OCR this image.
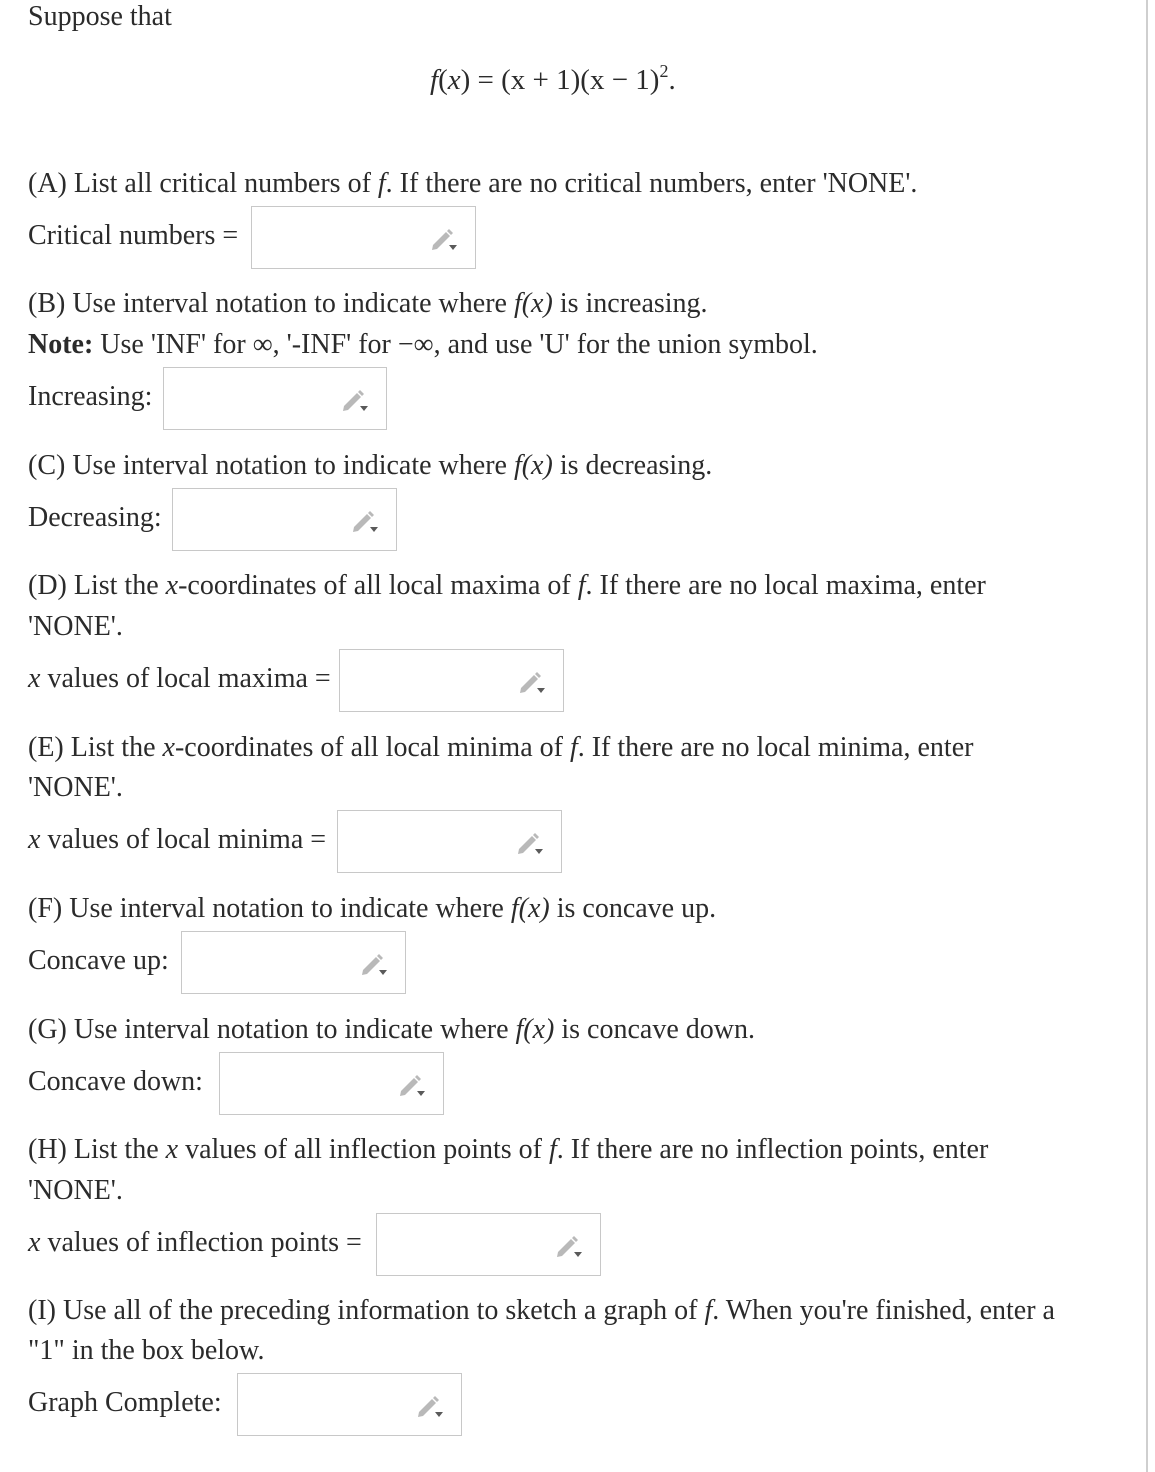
Suppose that
$f(x) = (x + 1)(x - 1)^2$.
(A) List all critical numbers of f. If there are no critical numbers, enter 'NONE'.
Critical numbers =
(B) Use interval notation to indicate where f(x) is increasing.
Note: Use 'INF' for ∞, '-INF' for −∞, and use 'U' for the union symbol.
Increasing:
(C) Use interval notation to indicate where f(x) is decreasing.
Decreasing:
(D) List the x-coordinates of all local maxima of f. If there are no local maxima, enter
'NONE'.
x values of local maxima =
(E) List the x-coordinates of all local minima of f. If there are no local minima, enter
'NONE'.
x values of local minima =
(F) Use interval notation to indicate where f(x) is concave up.
Concave up:
(G) Use interval notation to indicate where f(x) is concave down.
Concave down:
(H) List the x values of all inflection points of f. If there are no inflection points, enter
'NONE'.
x values of inflection points =
(I) Use all of the preceding information to sketch a graph of f. When you're finished, enter a
"1" in the box below.
Graph Complete:
